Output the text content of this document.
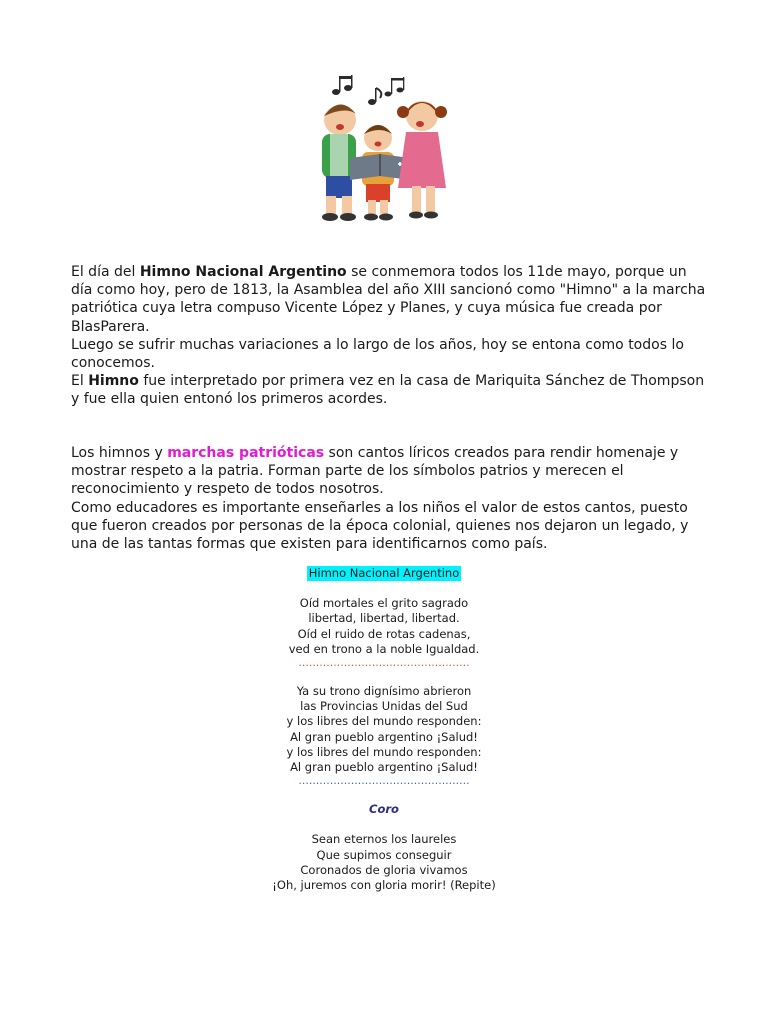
El día del Himno Nacional Argentino se conmemora todos los 11de mayo, porque un día como hoy, pero de 1813, la Asamblea del año XIII sancionó como "Himno" a la marcha patriótica cuya letra compuso Vicente López y Planes, y cuya música fue creada por BlasParera.

Luego se sufrir muchas variaciones a lo largo de los años, hoy se entona como todos lo conocemos.

El Himno fue interpretado por primera vez en la casa de Mariquita Sánchez de Thompson y fue ella quien entonó los primeros acordes.

Los himnos y marchas patrióticas son cantos líricos creados para rendir homenaje y mostrar respeto a la patria. Forman parte de los símbolos patrios y merecen el reconocimiento y respeto de todos nosotros.

Como educadores es importante enseñarles a los niños el valor de estos cantos, puesto que fueron creados por personas de la época colonial, quienes nos dejaron un legado, y una de las tantas formas que existen para identificarnos como país.

Himno Nacional Argentino
Oíd mortales el grito sagrado
libertad, libertad, libertad.
Oíd el ruido de rotas cadenas,
ved en trono a la noble Igualdad.
.................................................
Ya su trono dignísimo abrieron
las Provincias Unidas del Sud
y los libres del mundo responden:
Al gran pueblo argentino ¡Salud!
y los libres del mundo responden:
Al gran pueblo argentino ¡Salud!
.................................................
Coro
Sean eternos los laureles
Que supimos conseguir
Coronados de gloria vivamos
¡Oh, juremos con gloria morir! (Repite)
